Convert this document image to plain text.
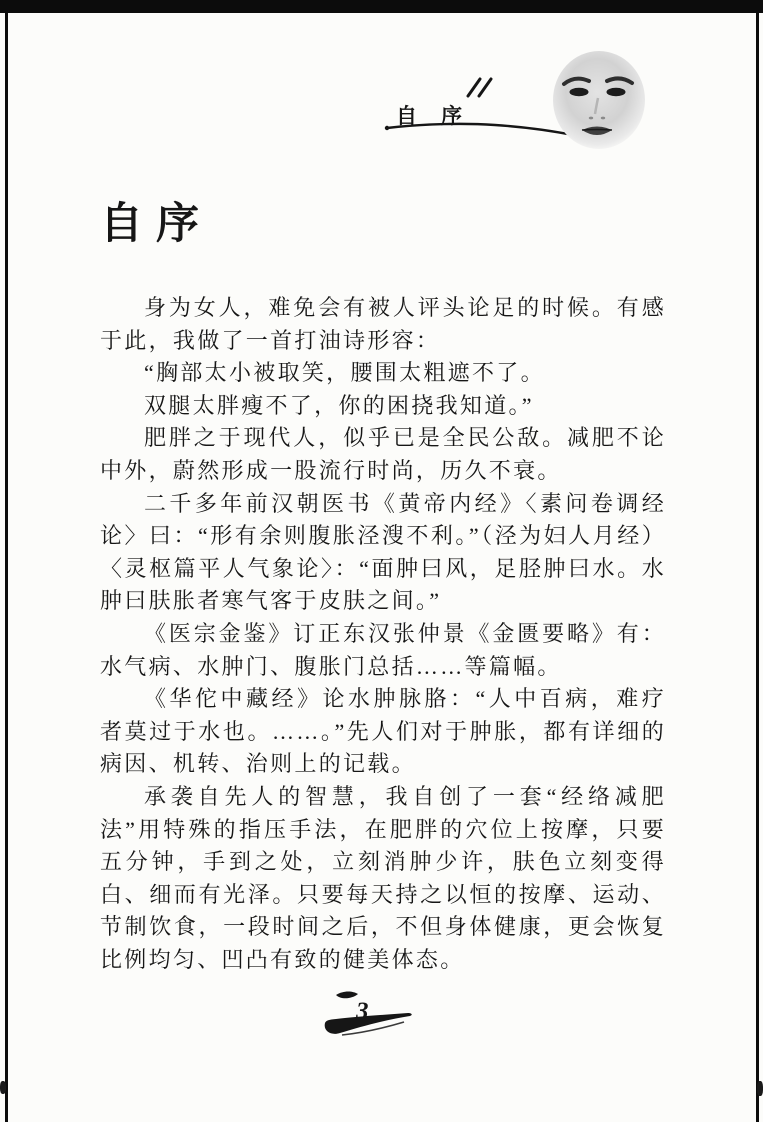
自序
自序

身为女人，难免会有被人评头论足的时候。有感于此，我做了一首打油诗形容：

“胸部太小被取笑，腰围太粗遮不了。

双腿太胖瘦不了，你的困挠我知道。”

肥胖之于现代人，似乎已是全民公敌。减肥不论中外，蔚然形成一股流行时尚，历久不衰。

二千多年前汉朝医书《黄帝内经》〈素问卷调经论〉曰：“形有余则腹胀泾溲不利。”（泾为妇人月经）〈灵枢篇平人气象论〉：“面肿曰风，足胫肿曰水。水肿曰肤胀者寒气客于皮肤之间。”

《医宗金鉴》订正东汉张仲景《金匮要略》有：水气病、水肿门、腹胀门总括……等篇幅。

《华佗中藏经》论水肿脉胳：“人中百病，难疗者莫过于水也。……。”先人们对于肿胀，都有详细的病因、机转、治则上的记载。

承袭自先人的智慧，我自创了一套“经络减肥法”用特殊的指压手法，在肥胖的穴位上按摩，只要五分钟，手到之处，立刻消肿少许，肤色立刻变得白、细而有光泽。只要每天持之以恒的按摩、运动、节制饮食，一段时间之后，不但身体健康，更会恢复比例均匀、凹凸有致的健美体态。

3
